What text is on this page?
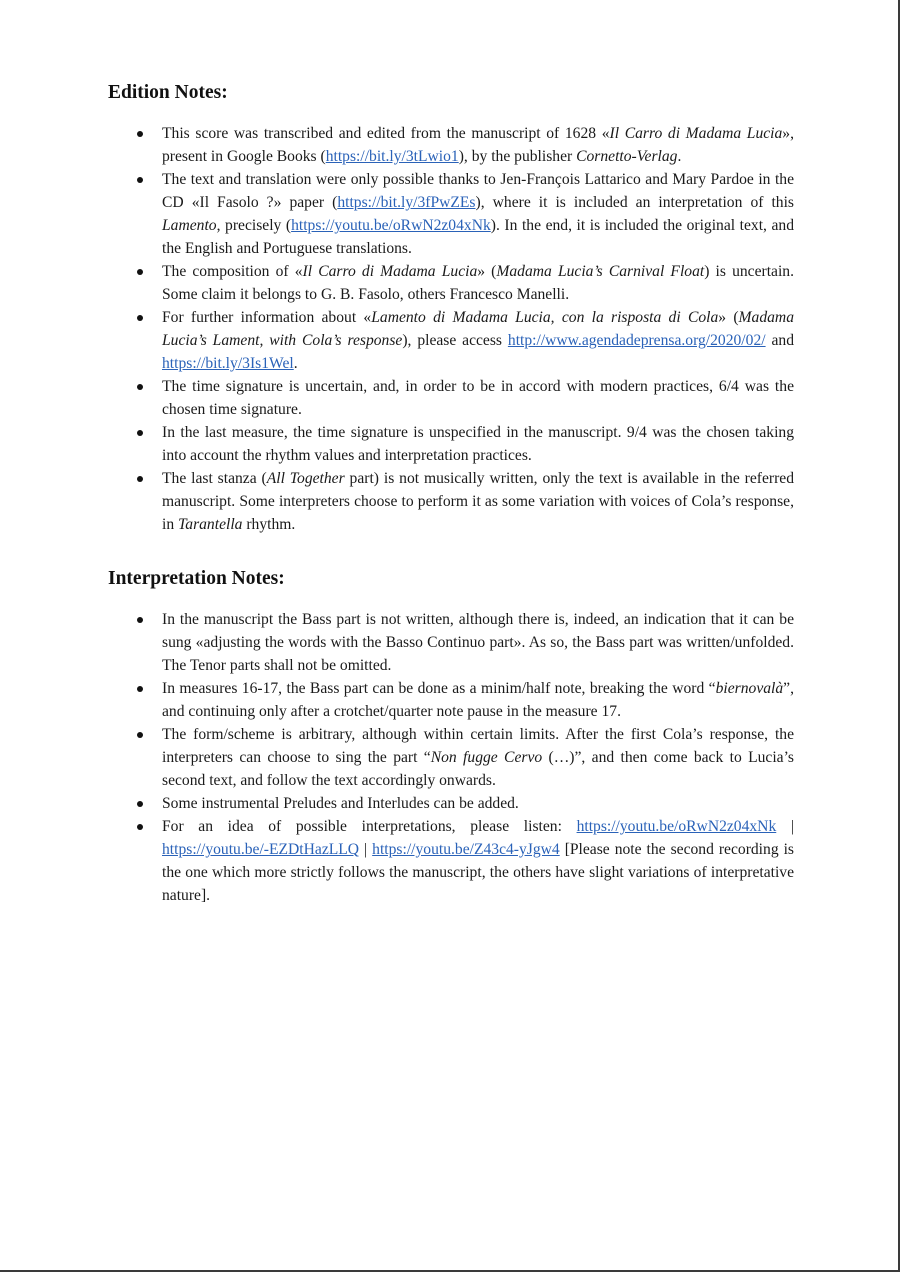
Edition Notes:
This score was transcribed and edited from the manuscript of 1628 «Il Carro di Madama Lucia», present in Google Books (https://bit.ly/3tLwio1), by the publisher Cornetto-Verlag.
The text and translation were only possible thanks to Jen-François Lattarico and Mary Pardoe in the CD «Il Fasolo ?» paper (https://bit.ly/3fPwZEs), where it is included an interpretation of this Lamento, precisely (https://youtu.be/oRwN2z04xNk). In the end, it is included the original text, and the English and Portuguese translations.
The composition of «Il Carro di Madama Lucia» (Madama Lucia’s Carnival Float) is uncertain. Some claim it belongs to G. B. Fasolo, others Francesco Manelli.
For further information about «Lamento di Madama Lucia, con la risposta di Cola» (Madama Lucia’s Lament, with Cola’s response), please access http://www.agendadeprensa.org/2020/02/ and https://bit.ly/3Is1Wel.
The time signature is uncertain, and, in order to be in accord with modern practices, 6/4 was the chosen time signature.
In the last measure, the time signature is unspecified in the manuscript. 9/4 was the chosen taking into account the rhythm values and interpretation practices.
The last stanza (All Together part) is not musically written, only the text is available in the referred manuscript. Some interpreters choose to perform it as some variation with voices of Cola’s response, in Tarantella rhythm.
Interpretation Notes:
In the manuscript the Bass part is not written, although there is, indeed, an indication that it can be sung «adjusting the words with the Basso Continuo part». As so, the Bass part was written/unfolded. The Tenor parts shall not be omitted.
In measures 16-17, the Bass part can be done as a minim/half note, breaking the word “biernovalà”, and continuing only after a crotchet/quarter note pause in the measure 17.
The form/scheme is arbitrary, although within certain limits. After the first Cola’s response, the interpreters can choose to sing the part “Non fugge Cervo (…)”, and then come back to Lucia’s second text, and follow the text accordingly onwards.
Some instrumental Preludes and Interludes can be added.
For an idea of possible interpretations, please listen: https://youtu.be/oRwN2z04xNk | https://youtu.be/-EZDtHazLLQ | https://youtu.be/Z43c4-yJgw4 [Please note the second recording is the one which more strictly follows the manuscript, the others have slight variations of interpretative nature].
